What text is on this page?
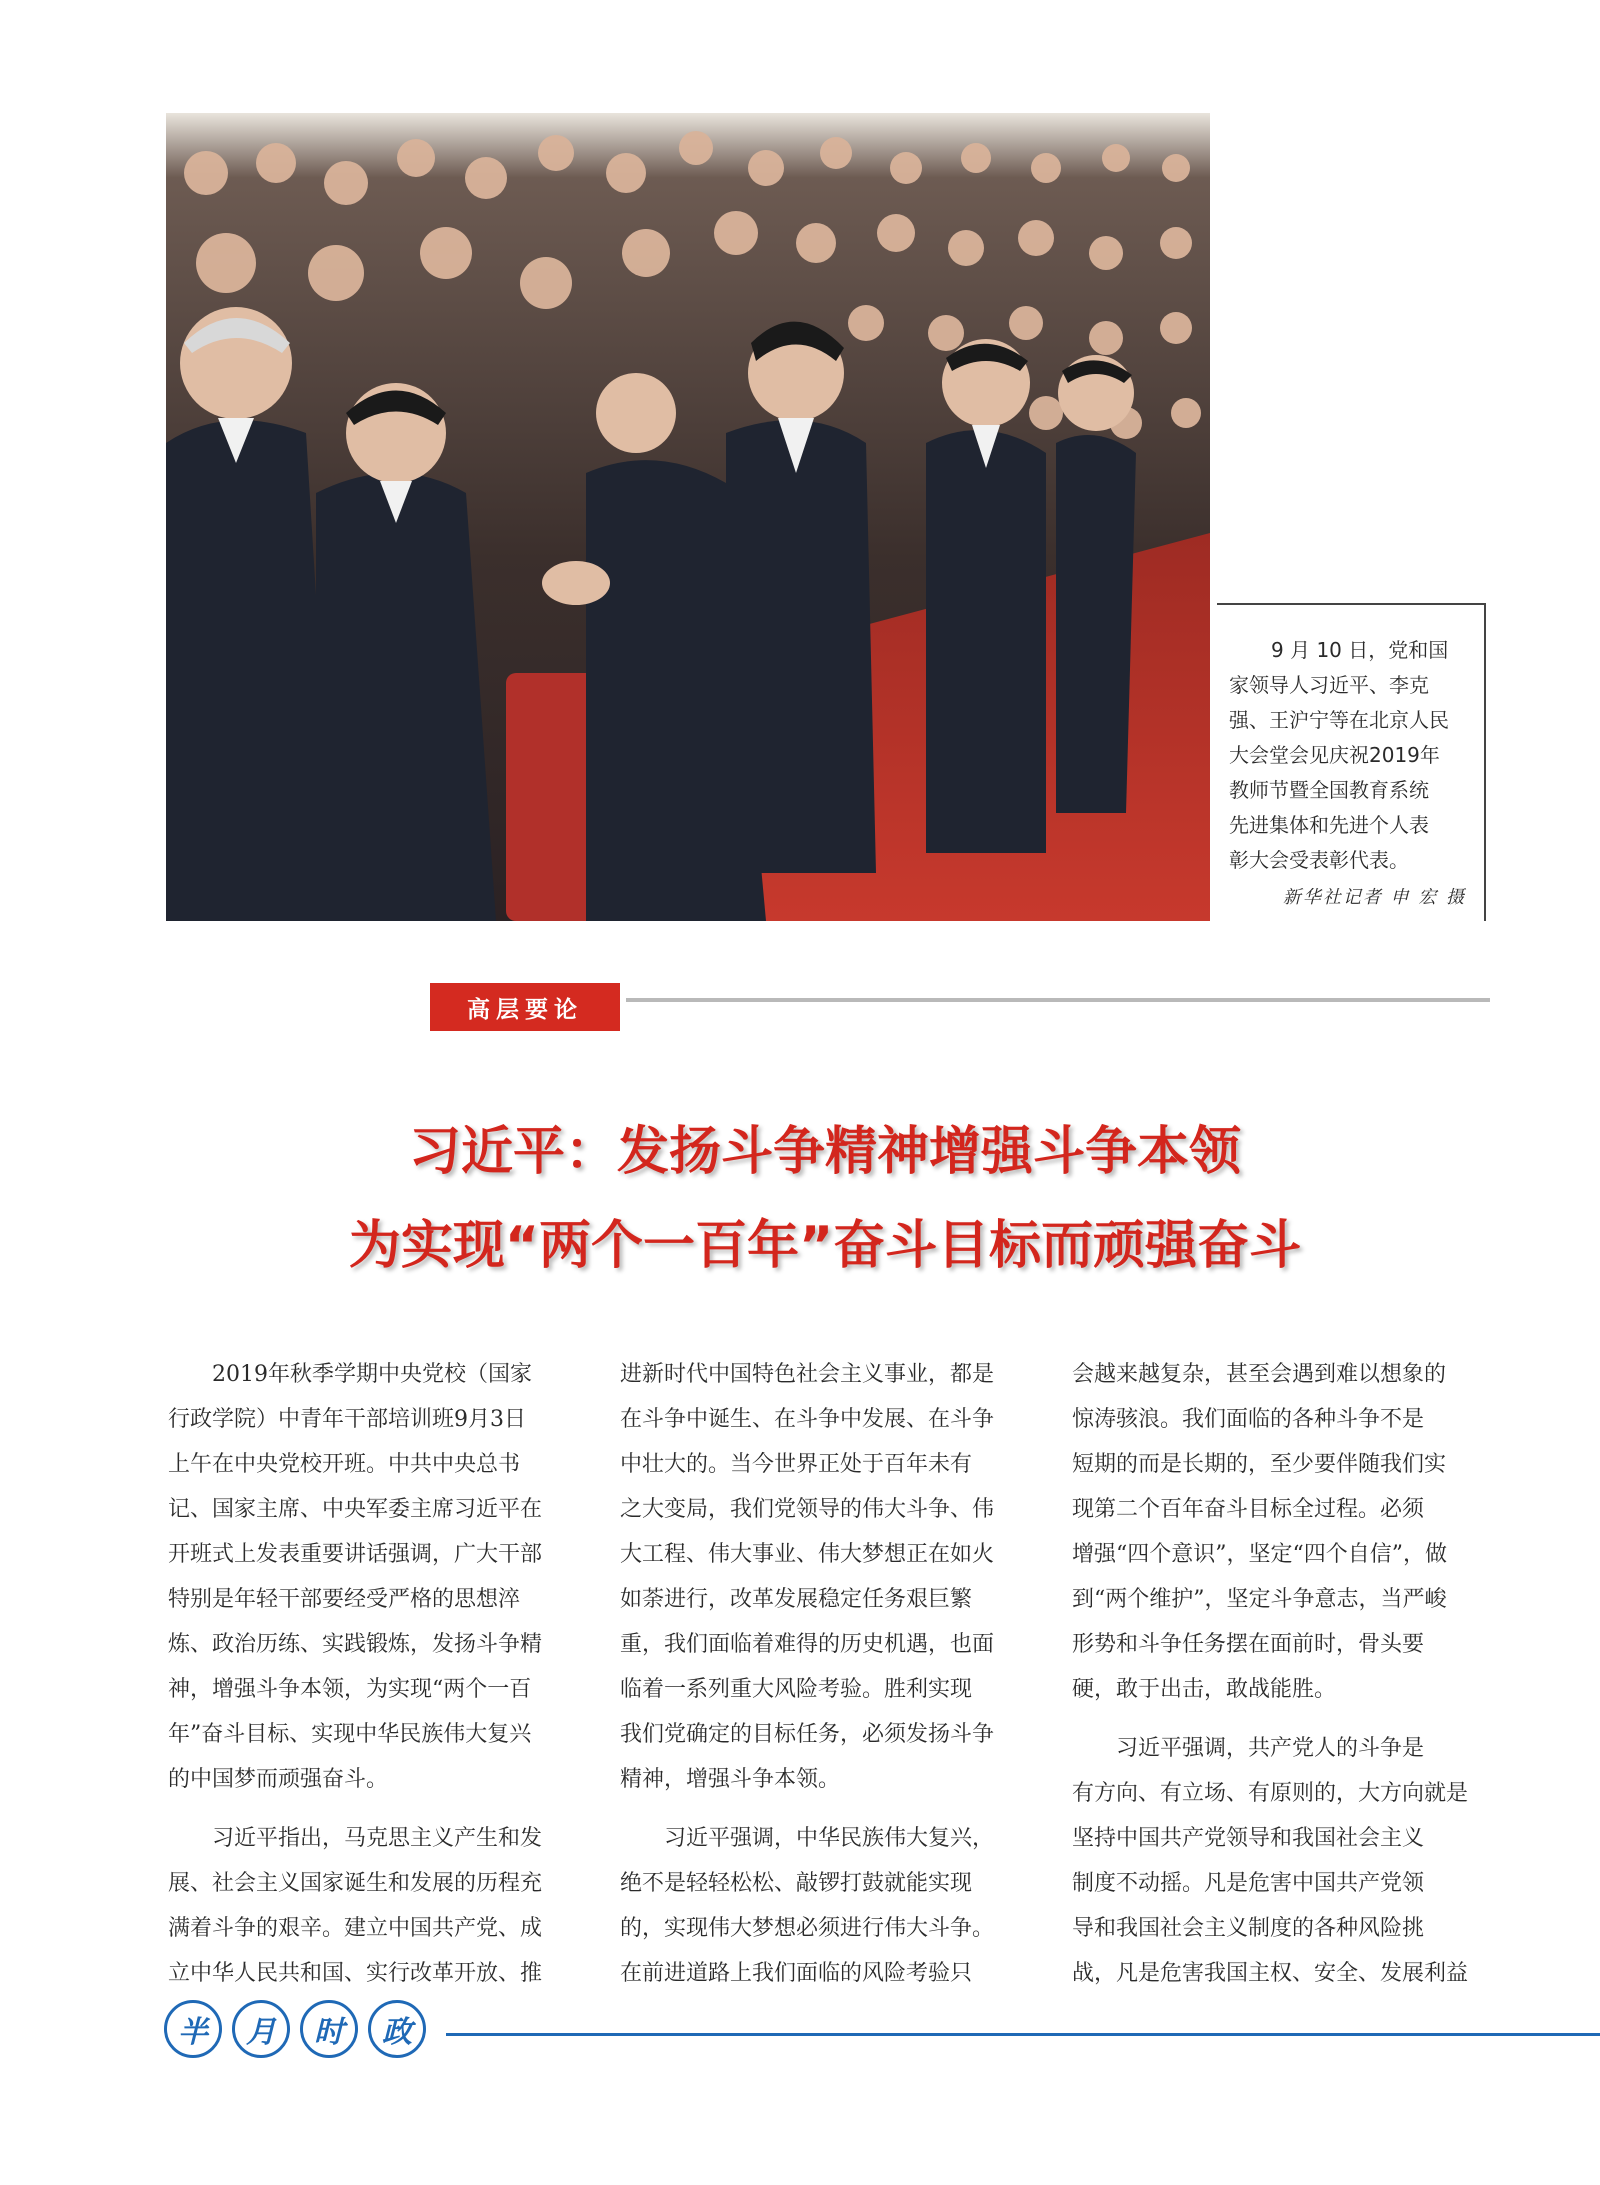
9 月 10 日，党和国
家领导人习近平、李克
强、王沪宁等在北京人民
大会堂会见庆祝2019年
教师节暨全国教育系统
先进集体和先进个人表
彰大会受表彰代表。
新华社记者 申 宏 摄
高层要论
习近平：发扬斗争精神增强斗争本领
为实现“两个一百年”奋斗目标而顽强奋斗
　　2019年秋季学期中央党校（国家
行政学院）中青年干部培训班9月3日
上午在中央党校开班。中共中央总书
记、国家主席、中央军委主席习近平在
开班式上发表重要讲话强调，广大干部
特别是年轻干部要经受严格的思想淬
炼、政治历练、实践锻炼，发扬斗争精
神，增强斗争本领，为实现“两个一百
年”奋斗目标、实现中华民族伟大复兴
的中国梦而顽强奋斗。
　　习近平指出，马克思主义产生和发
展、社会主义国家诞生和发展的历程充
满着斗争的艰辛。建立中国共产党、成
立中华人民共和国、实行改革开放、推
进新时代中国特色社会主义事业，都是
在斗争中诞生、在斗争中发展、在斗争
中壮大的。当今世界正处于百年未有
之大变局，我们党领导的伟大斗争、伟
大工程、伟大事业、伟大梦想正在如火
如荼进行，改革发展稳定任务艰巨繁
重，我们面临着难得的历史机遇，也面
临着一系列重大风险考验。胜利实现
我们党确定的目标任务，必须发扬斗争
精神，增强斗争本领。
　　习近平强调，中华民族伟大复兴，
绝不是轻轻松松、敲锣打鼓就能实现
的，实现伟大梦想必须进行伟大斗争。
在前进道路上我们面临的风险考验只
会越来越复杂，甚至会遇到难以想象的
惊涛骇浪。我们面临的各种斗争不是
短期的而是长期的，至少要伴随我们实
现第二个百年奋斗目标全过程。必须
增强“四个意识”，坚定“四个自信”，做
到“两个维护”，坚定斗争意志，当严峻
形势和斗争任务摆在面前时，骨头要
硬，敢于出击，敢战能胜。
　　习近平强调，共产党人的斗争是
有方向、有立场、有原则的，大方向就是
坚持中国共产党领导和我国社会主义
制度不动摇。凡是危害中国共产党领
导和我国社会主义制度的各种风险挑
战，凡是危害我国主权、安全、发展利益
半	月	时	政
